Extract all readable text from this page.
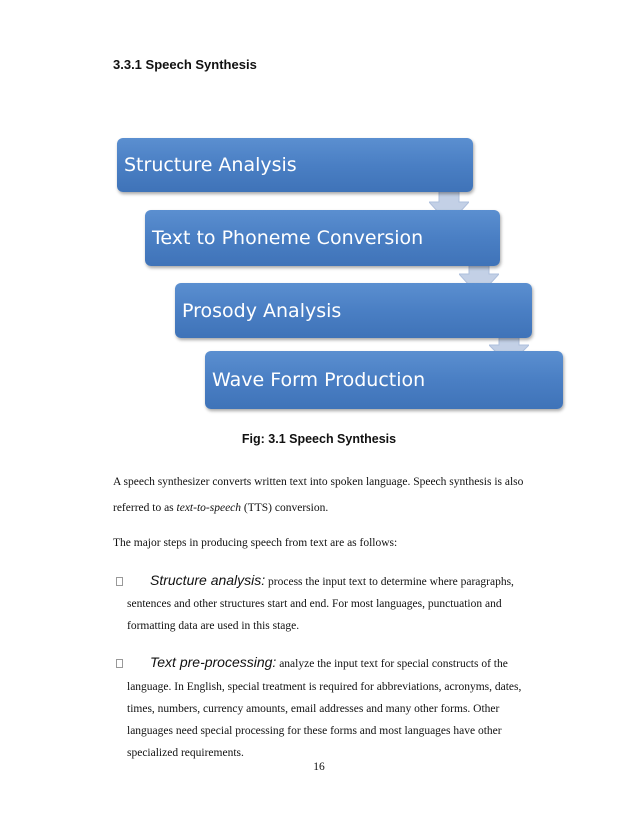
3.3.1 Speech Synthesis
Structure Analysis
Text to Phoneme Conversion
Prosody Analysis
Wave Form Production
Fig: 3.1 Speech Synthesis
A speech synthesizer converts written text into spoken language. Speech synthesis is also
referred to as text-to-speech (TTS) conversion.
The major steps in producing speech from text are as follows:
Structure analysis: process the input text to determine where paragraphs,
sentences and other structures start and end. For most languages, punctuation and
formatting data are used in this stage.
Text pre-processing: analyze the input text for special constructs of the
language. In English, special treatment is required for abbreviations, acronyms, dates,
times, numbers, currency amounts, email addresses and many other forms. Other
languages need special processing for these forms and most languages have other
specialized requirements.
16
